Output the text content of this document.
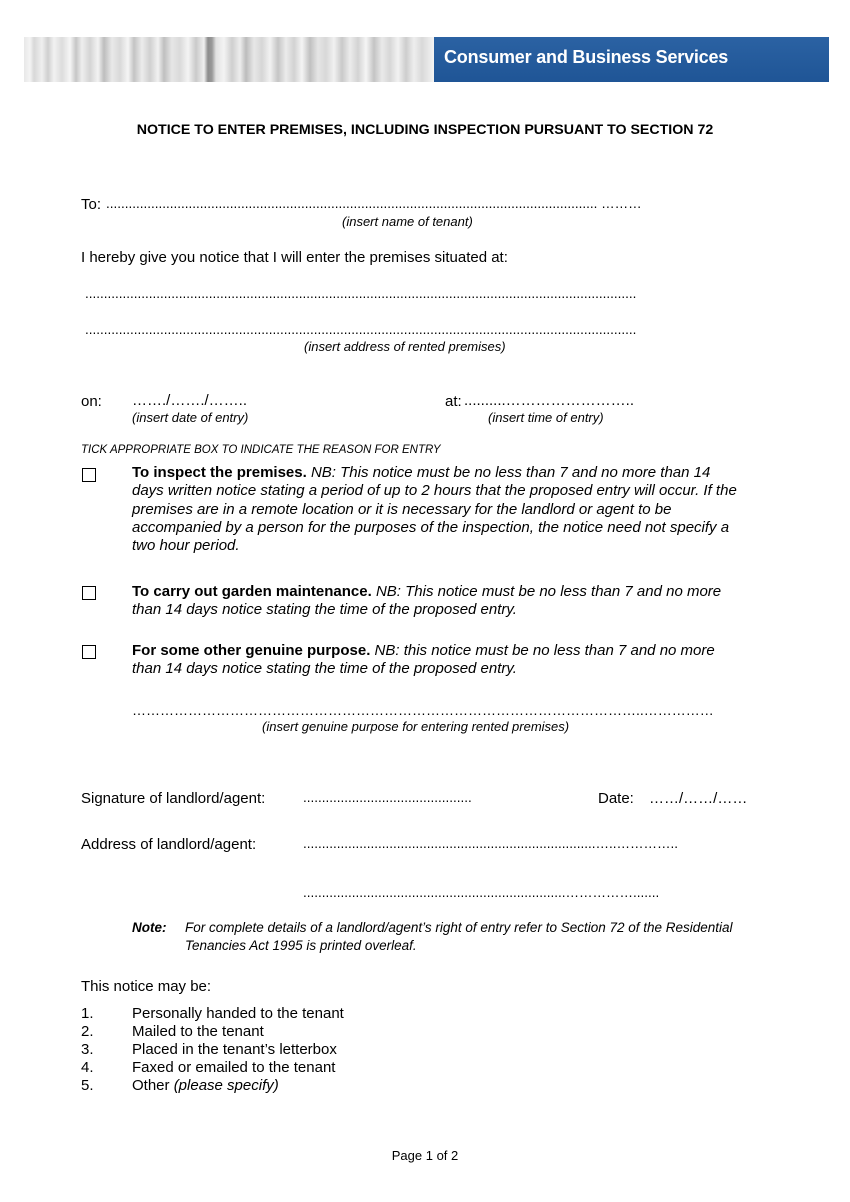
Consumer and Business Services
NOTICE TO ENTER PREMISES, INCLUDING INSPECTION PURSUANT TO SECTION 72
To: ................................................................................................................................... ………
(insert name of tenant)
I hereby give you notice that I will enter the premises situated at:
...................................................................................................................................................
...................................................................................................................................................
(insert address of rented premises)
on: ……./……./……..
(insert date of entry)
at: ..........……………………..
(insert time of entry)
TICK APPROPRIATE BOX TO INDICATE THE REASON FOR ENTRY
To inspect the premises. NB: This notice must be no less than 7 and no more than 14
days written notice stating a period of up to 2 hours that the proposed entry will occur. If the
premises are in a remote location or it is necessary for the landlord or agent to be
accompanied by a person for the purposes of the inspection, the notice need not specify a
two hour period.
To carry out garden maintenance. NB: This notice must be no less than 7 and no more
than 14 days notice stating the time of the proposed entry.
For some other genuine purpose. NB: this notice must be no less than 7 and no more
than 14 days notice stating the time of the proposed entry.
………………………………………………………………………………………………..……………
(insert genuine purpose for entering rented premises)
Signature of landlord/agent:	.............................................	Date: ……/……/……
Address of landlord/agent:	..............................................................................…..…………..
......................................................................…………….......
Note: For complete details of a landlord/agent’s right of entry refer to Section 72 of the Residential
Tenancies Act 1995 is printed overleaf.
This notice may be:
1.	Personally handed to the tenant
2.	Mailed to the tenant
3.	Placed in the tenant’s letterbox
4.	Faxed or emailed to the tenant
5.	Other (please specify)
Page 1 of 2
